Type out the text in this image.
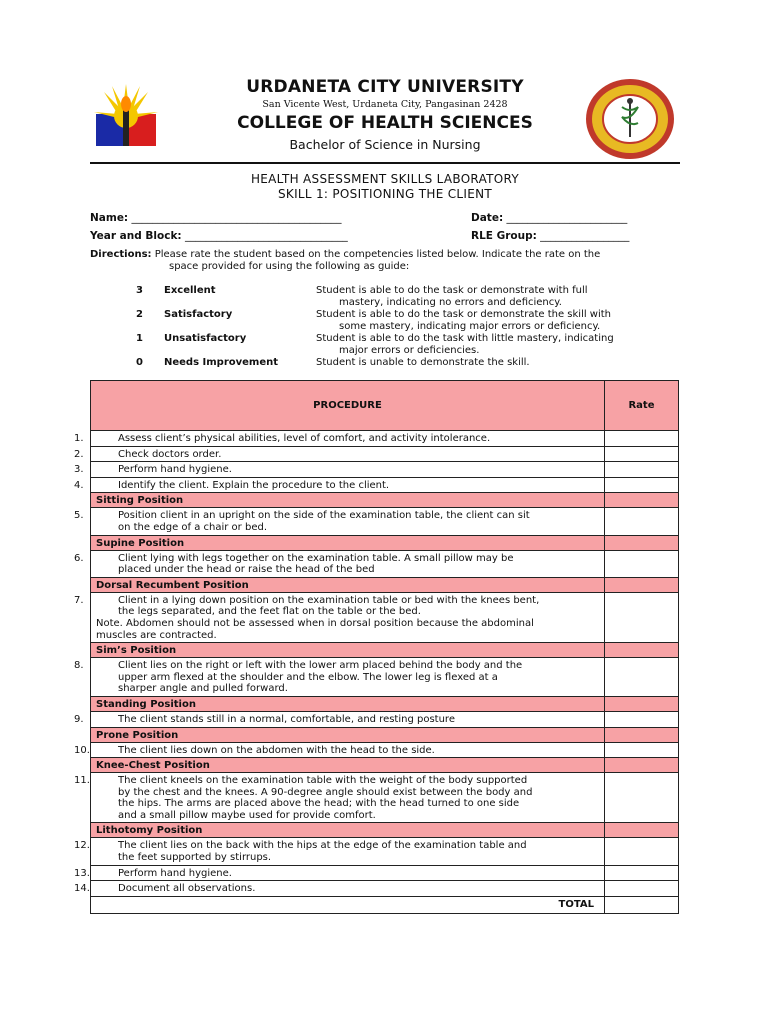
URDANETA CITY UNIVERSITY
San Vicente West, Urdaneta City, Pangasinan 2428
COLLEGE OF HEALTH SCIENCES
Bachelor of Science in Nursing
HEALTH ASSESSMENT SKILLS LABORATORY
SKILL 1: POSITIONING THE CLIENT
Name: ________________________________________	Date: _______________________
Year and Block: _______________________________	RLE Group: _________________
Directions: Please rate the student based on the competencies listed below. Indicate the rate on the
space provided for using the following as guide:
3 Excellent	Student is able to do the task or demonstrate with full
mastery, indicating no errors and deficiency.
2 Satisfactory	Student is able to do the task or demonstrate the skill with
some mastery, indicating major errors or deficiency.
1 Unsatisfactory	Student is able to do the task with little mastery, indicating
major errors or deficiencies.
0 Needs Improvement	Student is unable to demonstrate the skill.
PROCEDURE	Rate

1. Assess client’s physical abilities, level of comfort, and activity intolerance.	

2. Check doctors order.	

3. Perform hand hygiene.	

4. Identify the client. Explain the procedure to the client.	

Sitting Position	

5. Position client in an upright on the side of the examination table, the client can sit
on the edge of a chair or bed.	

Supine Position	

6. Client lying with legs together on the examination table. A small pillow may be
placed under the head or raise the head of the bed	

Dorsal Recumbent Position	

7. Client in a lying down position on the examination table or bed with the knees bent,
the legs separated, and the feet flat on the table or the bed.
Note. Abdomen should not be assessed when in dorsal position because the abdominal
muscles are contracted.	

Sim’s Position	

8. Client lies on the right or left with the lower arm placed behind the body and the
upper arm flexed at the shoulder and the elbow. The lower leg is flexed at a
sharper angle and pulled forward.	

Standing Position	

9. The client stands still in a normal, comfortable, and resting posture	

Prone Position	

10. The client lies down on the abdomen with the head to the side.	

Knee-Chest Position	

11. The client kneels on the examination table with the weight of the body supported
by the chest and the knees. A 90-degree angle should exist between the body and
the hips. The arms are placed above the head; with the head turned to one side
and a small pillow maybe used for provide comfort.	

Lithotomy Position	

12. The client lies on the back with the hips at the edge of the examination table and
the feet supported by stirrups.	

13. Perform hand hygiene.	

14. Document all observations.	

TOTAL	
